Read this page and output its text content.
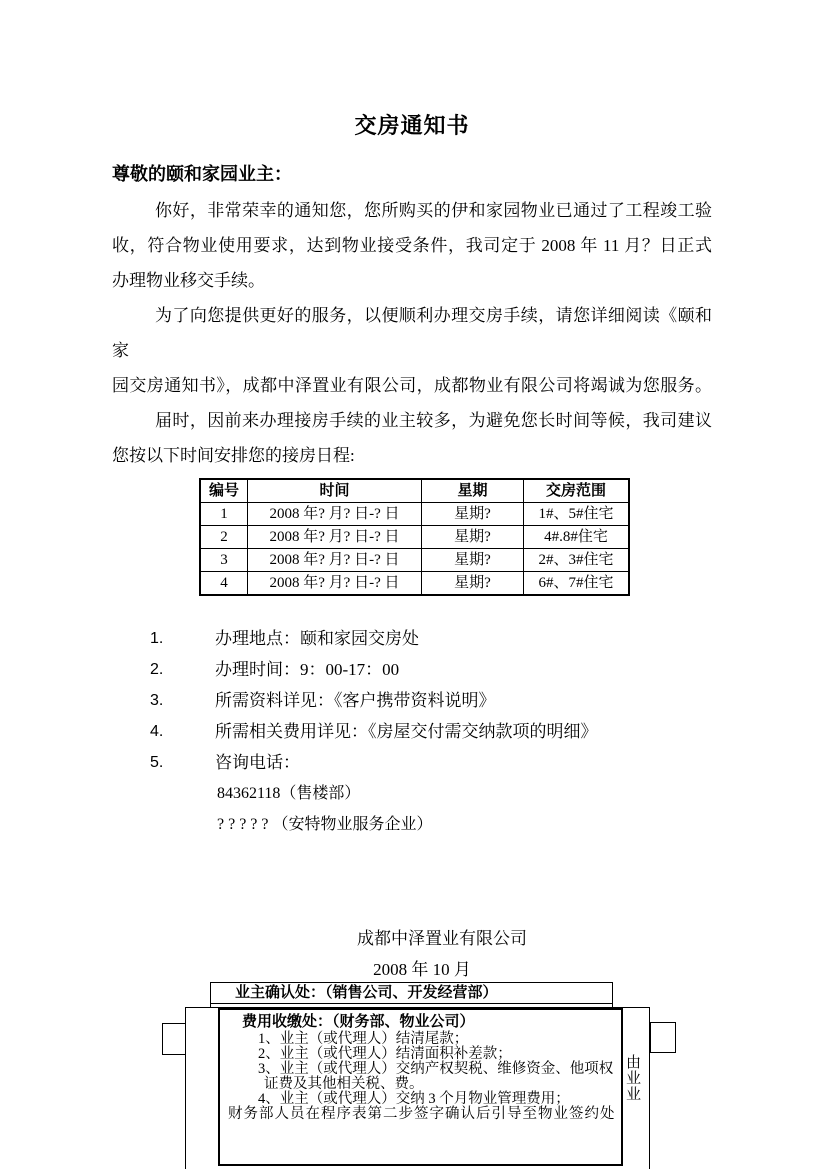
交房通知书
尊敬的颐和家园业主：
你好，非常荣幸的通知您，您所购买的伊和家园物业已通过了工程竣工验
收，符合物业使用要求，达到物业接受条件，我司定于 2008 年 11 月？日正式
办理物业移交手续。
为了向您提供更好的服务，以便顺利办理交房手续，请您详细阅读《颐和家
园交房通知书》，成都中泽置业有限公司，成都物业有限公司将竭诚为您服务。
届时，因前来办理接房手续的业主较多，为避免您长时间等候，我司建议
您按以下时间安排您的接房日程:
编号	时间	星期	交房范围
1	2008 年? 月? 日-? 日	星期?	1#、5#住宅
2	2008 年? 月? 日-? 日	星期?	4#.8#住宅
3	2008 年? 月? 日-? 日	星期?	2#、3#住宅
4	2008 年? 月? 日-? 日	星期?	6#、7#住宅
1.	办理地点：颐和家园交房处
2.	办理时间：9：00-17：00
3.	所需资料详见：《客户携带资料说明》
4.	所需相关费用详见：《房屋交付需交纳款项的明细》
5.	咨询电话：
84362118（售楼部）
? ? ? ? ? （安特物业服务企业）
成都中泽置业有限公司
2008 年 10 月
业主确认处：（销售公司、开发经营部）
由业业
费用收缴处：（财务部、物业公司）
1、业主（或代理人）结清尾款；
2、业主（或代理人）结清面积补差款；
3、业主（或代理人）交纳产权契税、维修资金、他项权
证费及其他相关税、费。
4、业主（或代理人）交纳 3 个月物业管理费用；
财务部人员在程序表第二步签字确认后引导至物业签约处
